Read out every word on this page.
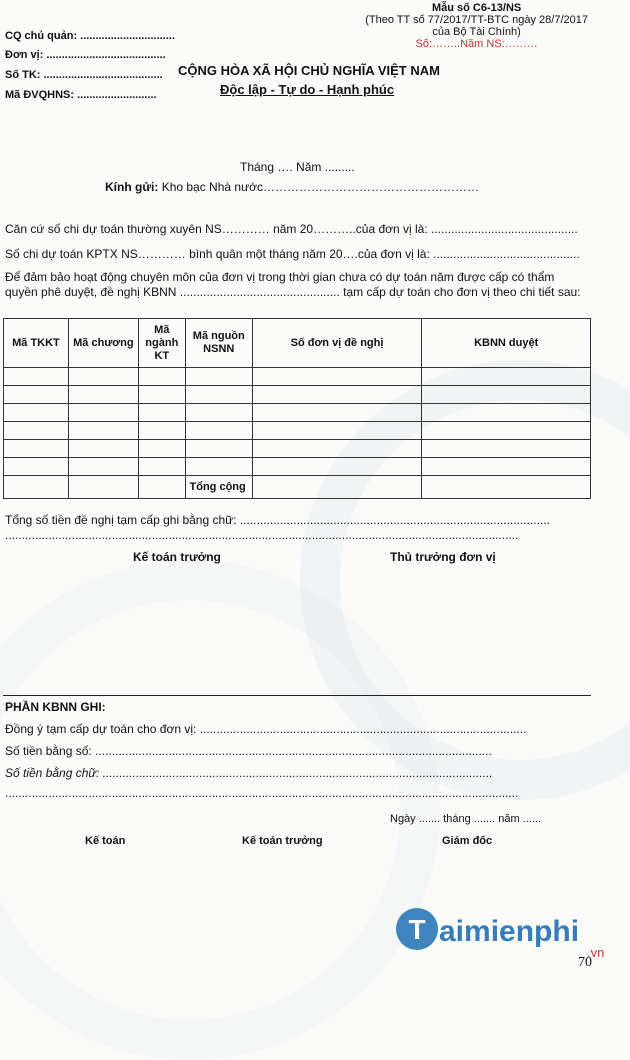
CQ chủ quản: ...............................
Đơn vị: .......................................
Số TK: .......................................
Mã ĐVQHNS: ..........................
Mẫu số C6-13/NS
(Theo TT số 77/2017/TT-BTC ngày 28/7/2017
của Bộ Tài Chính)
Số:……..Năm NS:………
CỘNG HÒA XÃ HỘI CHỦ NGHĨA VIỆT NAM
Độc lập - Tự do - Hạnh phúc
Tháng …. Năm .........
Kính gửi: Kho bạc Nhà nước………………………………………………
Căn cứ số chi dự toán thường xuyên NS………… năm 20………..của đơn vị là: ............................................
Số chi dự toán KPTX NS………… bình quân một tháng năm 20….của đơn vị là: ............................................
Để đảm bảo hoạt động chuyên môn của đơn vị trong thời gian chưa có dự toán năm được cấp có thẩm
quyền phê duyệt, đề nghị KBNN ................................................ tạm cấp dự toán cho đơn vị theo chi tiết sau:
Mã TKKT	Mã chương	Mã ngành KT	Mã nguồn NSNN	Số đơn vị đề nghị	KBNN duyệt

			Tổng cộng		
Tổng số tiền đề nghị tạm cấp ghi bằng chữ: .............................................................................................
..........................................................................................................................................................
Kế toán trưởng	Thủ trưởng đơn vị
PHẦN KBNN GHI:
Đồng ý tạm cấp dự toán cho đơn vị: ..................................................................................................
Số tiền bằng số: .......................................................................................................................
Số tiền bằng chữ: .....................................................................................................................
..........................................................................................................................................................
Ngày ....... tháng ....... năm ......
Kế toán	Kế toán trưởng	Giám đốc
T aimienphi
.vn
70
